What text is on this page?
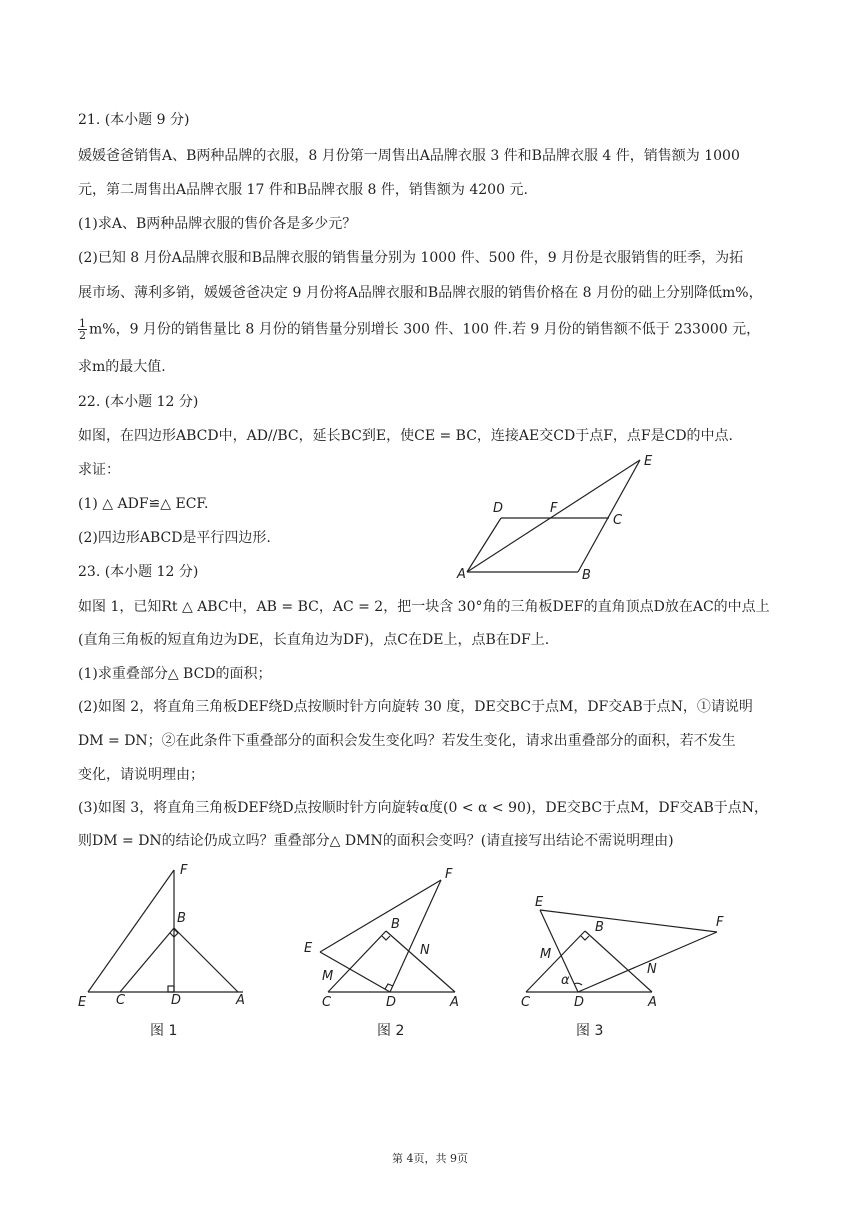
21. (本小题 9 分)
媛媛爸爸销售A、B两种品牌的衣服，8 月份第一周售出A品牌衣服 3 件和B品牌衣服 4 件，销售额为 1000
元，第二周售出A品牌衣服 17 件和B品牌衣服 8 件，销售额为 4200 元.
(1)求A、B两种品牌衣服的售价各是多少元？
(2)已知 8 月份A品牌衣服和B品牌衣服的销售量分别为 1000 件、500 件，9 月份是衣服销售的旺季，为拓
展市场、薄利多销，媛媛爸爸决定 9 月份将A品牌衣服和B品牌衣服的销售价格在 8 月份的础上分别降低m%，
$\frac{1}{2} m\%$，9 月份的销售量比 8 月份的销售量分别增长 300 件、100 件.若 9 月份的销售额不低于 233000 元，
求m的最大值.
22. (本小题 12 分)
如图，在四边形ABCD中，AD//BC，延长BC到E，使CE = BC，连接AE交CD于点F，点F是CD的中点.
求证：
(1) △ ADF≌△ ECF.
(2)四边形ABCD是平行四边形.
A	B
C
D
E
F
23. (本小题 12 分)
如图 1，已知Rt △ ABC中，AB = BC，AC = 2，把一块含 30°角的三角板DEF的直角顶点D放在AC的中点上
(直角三角板的短直角边为DE，长直角边为DF)，点C在DE上，点B在DF上.
(1)求重叠部分△ BCD的面积；
(2)如图 2，将直角三角板DEF绕D点按顺时针方向旋转 30 度，DE交BC于点M，DF交AB于点N，①请说明
DM = DN；②在此条件下重叠部分的面积会发生变化吗？若发生变化，请求出重叠部分的面积，若不发生
变化，请说明理由；
(3)如图 3，将直角三角板DEF绕D点按顺时针方向旋转α度(0 < α < 90)，DE交BC于点M，DF交AB于点N，
则DM = DN的结论仍成立吗？重叠部分△ DMN的面积会变吗？(请直接写出结论不需说明理由)
F
B
E C	D	A
图 1
F
B
E	N
M
C	D	A
图 2
E
B	F
M
α
N
C	D	A
图 3
第 4页，共 9页
